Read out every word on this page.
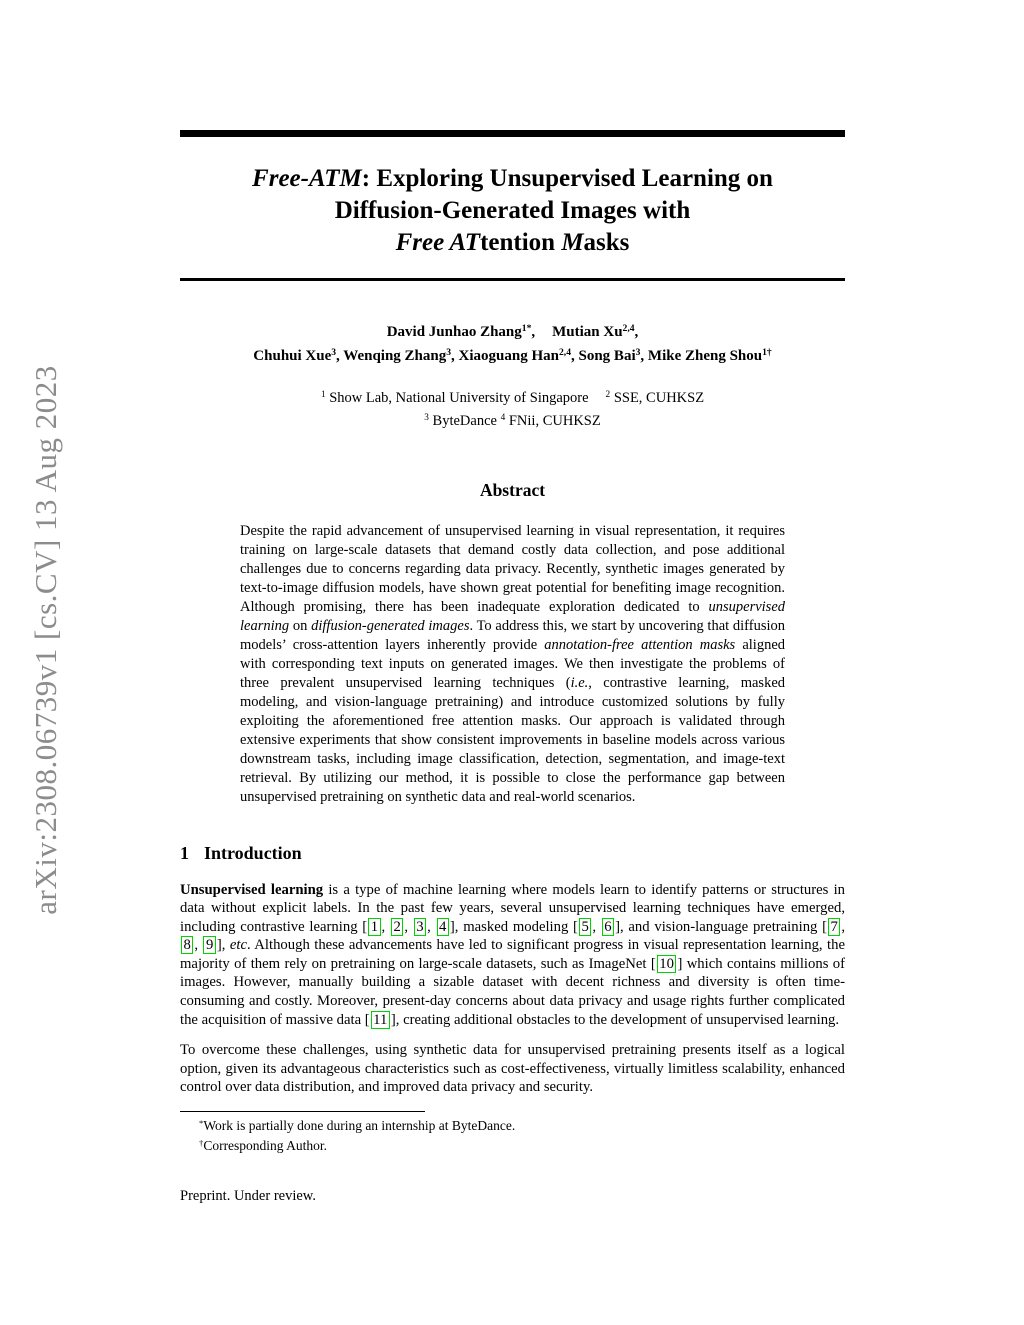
arXiv:2308.06739v1 [cs.CV] 13 Aug 2023
Free-ATM: Exploring Unsupervised Learning on
Diffusion-Generated Images with
Free ATtention Masks
David Junhao Zhang$^{1*}$, Mutian Xu$^{2,4}$,
Chuhui Xue$^3$, Wenqing Zhang$^3$, Xiaoguang Han$^{2,4}$, Song Bai$^3$, Mike Zheng Shou$^{1\dagger}$
$^1$ Show Lab, National University of Singapore $^2$ SSE, CUHKSZ
$^3$ ByteDance $^4$ FNii, CUHKSZ
Abstract

Despite the rapid advancement of unsupervised learning in visual representation, it requires training on large-scale datasets that demand costly data collection, and pose additional challenges due to concerns regarding data privacy. Recently, synthetic images generated by text-to-image diffusion models, have shown great potential for benefiting image recognition. Although promising, there has been inadequate exploration dedicated to unsupervised learning on diffusion-generated images. To address this, we start by uncovering that diffusion models’ cross-attention layers inherently provide annotation-free attention masks aligned with corresponding text inputs on generated images. We then investigate the problems of three prevalent unsupervised learning techniques (i.e., contrastive learning, masked modeling, and vision-language pretraining) and introduce customized solutions by fully exploiting the aforementioned free attention masks. Our approach is validated through extensive experiments that show consistent improvements in baseline models across various downstream tasks, including image classification, detection, segmentation, and image-text retrieval. By utilizing our method, it is possible to close the performance gap between unsupervised pretraining on synthetic data and real-world scenarios.

1 Introduction

Unsupervised learning is a type of machine learning where models learn to identify patterns or structures in data without explicit labels. In the past few years, several unsupervised learning techniques have emerged, including contrastive learning [ 1 , 2 , 3 , 4 ], masked modeling [ 5 , 6 ], and vision-language pretraining [ 7 , 8 , 9 ], etc. Although these advancements have led to significant progress in visual representation learning, the majority of them rely on pretraining on large-scale datasets, such as ImageNet [ 10 ] which contains millions of images. However, manually building a sizable dataset with decent richness and diversity is often time-consuming and costly. Moreover, present-day concerns about data privacy and usage rights further complicated the acquisition of massive data [ 11 ], creating additional obstacles to the development of unsupervised learning.

To overcome these challenges, using synthetic data for unsupervised pretraining presents itself as a logical option, given its advantageous characteristics such as cost-effectiveness, virtually limitless scalability, enhanced control over data distribution, and improved data privacy and security.

*Work is partially done during an internship at ByteDance.
†Corresponding Author.
Preprint. Under review.
